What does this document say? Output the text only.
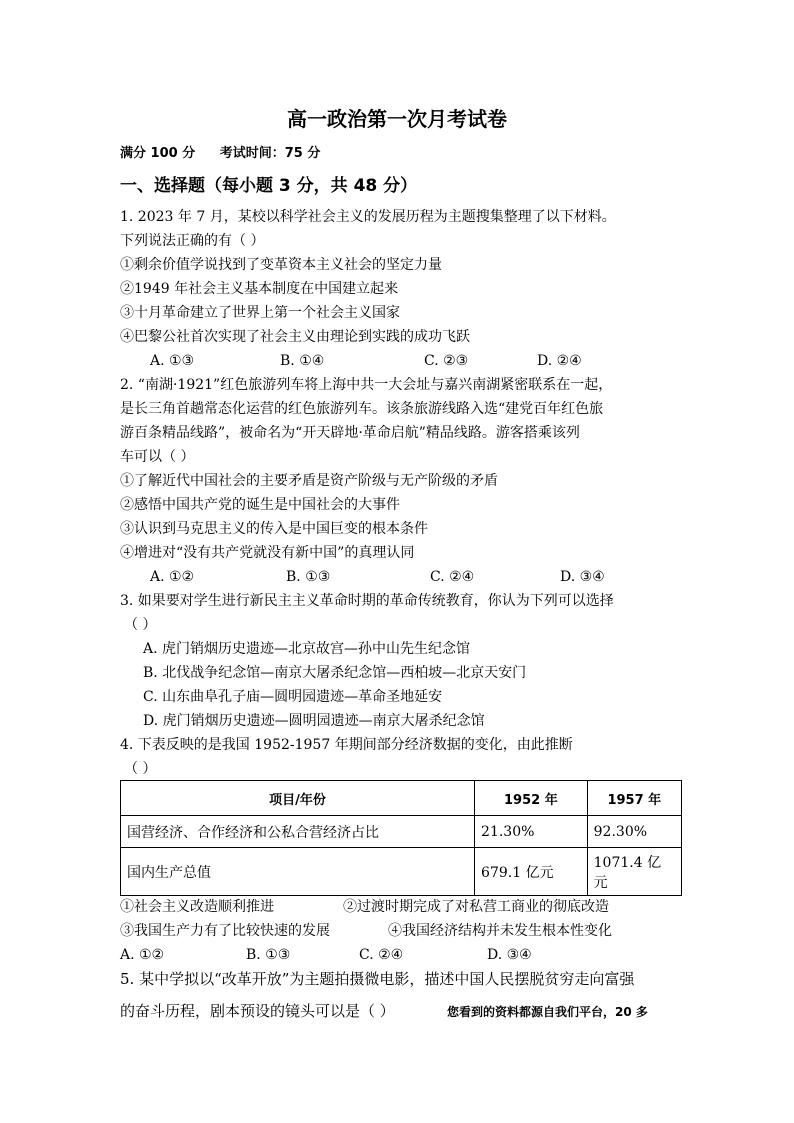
高一政治第一次月考试卷
满分 100 分 考试时间：75 分
一、选择题（每小题 3 分，共 48 分）
1. 2023 年 7 月，某校以科学社会主义的发展历程为主题搜集整理了以下材料。
下列说法正确的有（ ）
①剩余价值学说找到了变革资本主义社会的坚定力量
②1949 年社会主义基本制度在中国建立起来
③十月革命建立了世界上第一个社会主义国家
④巴黎公社首次实现了社会主义由理论到实践的成功飞跃
A. ①③	B. ①④	C. ②③	D. ②④
2. “南湖·1921”红色旅游列车将上海中共一大会址与嘉兴南湖紧密联系在一起，
是长三角首趟常态化运营的红色旅游列车。该条旅游线路入选“建党百年红色旅
游百条精品线路”，被命名为“开天辟地·革命启航”精品线路。游客搭乘该列
车可以（ ）
①了解近代中国社会的主要矛盾是资产阶级与无产阶级的矛盾
②感悟中国共产党的诞生是中国社会的大事件
③认识到马克思主义的传入是中国巨变的根本条件
④增进对“没有共产党就没有新中国”的真理认同
A. ①②	B. ①③	C. ②④	D. ③④
3. 如果要对学生进行新民主主义革命时期的革命传统教育，你认为下列可以选择
（ ）
A. 虎门销烟历史遗迹—北京故宫—孙中山先生纪念馆
B. 北伐战争纪念馆—南京大屠杀纪念馆—西柏坡—北京天安门
C. 山东曲阜孔子庙—圆明园遗迹—革命圣地延安
D. 虎门销烟历史遗迹—圆明园遗迹—南京大屠杀纪念馆
4. 下表反映的是我国 1952-1957 年期间部分经济数据的变化，由此推断
（ ）
项目/年份	1952 年	1957 年
国营经济、合作经济和公私合营经济占比	21.30%	92.30%
国内生产总值	679.1 亿元	1071.4 亿元
①社会主义改造顺利推进	②过渡时期完成了对私营工商业的彻底改造
③我国生产力有了比较快速的发展	④我国经济结构并未发生根本性变化
A. ①②	B. ①③	C. ②④	D. ③④
5. 某中学拟以“改革开放”为主题拍摄微电影，描述中国人民摆脱贫穷走向富强
的奋斗历程，剧本预设的镜头可以是（ ）	您看到的资料都源自我们平台，20 多
